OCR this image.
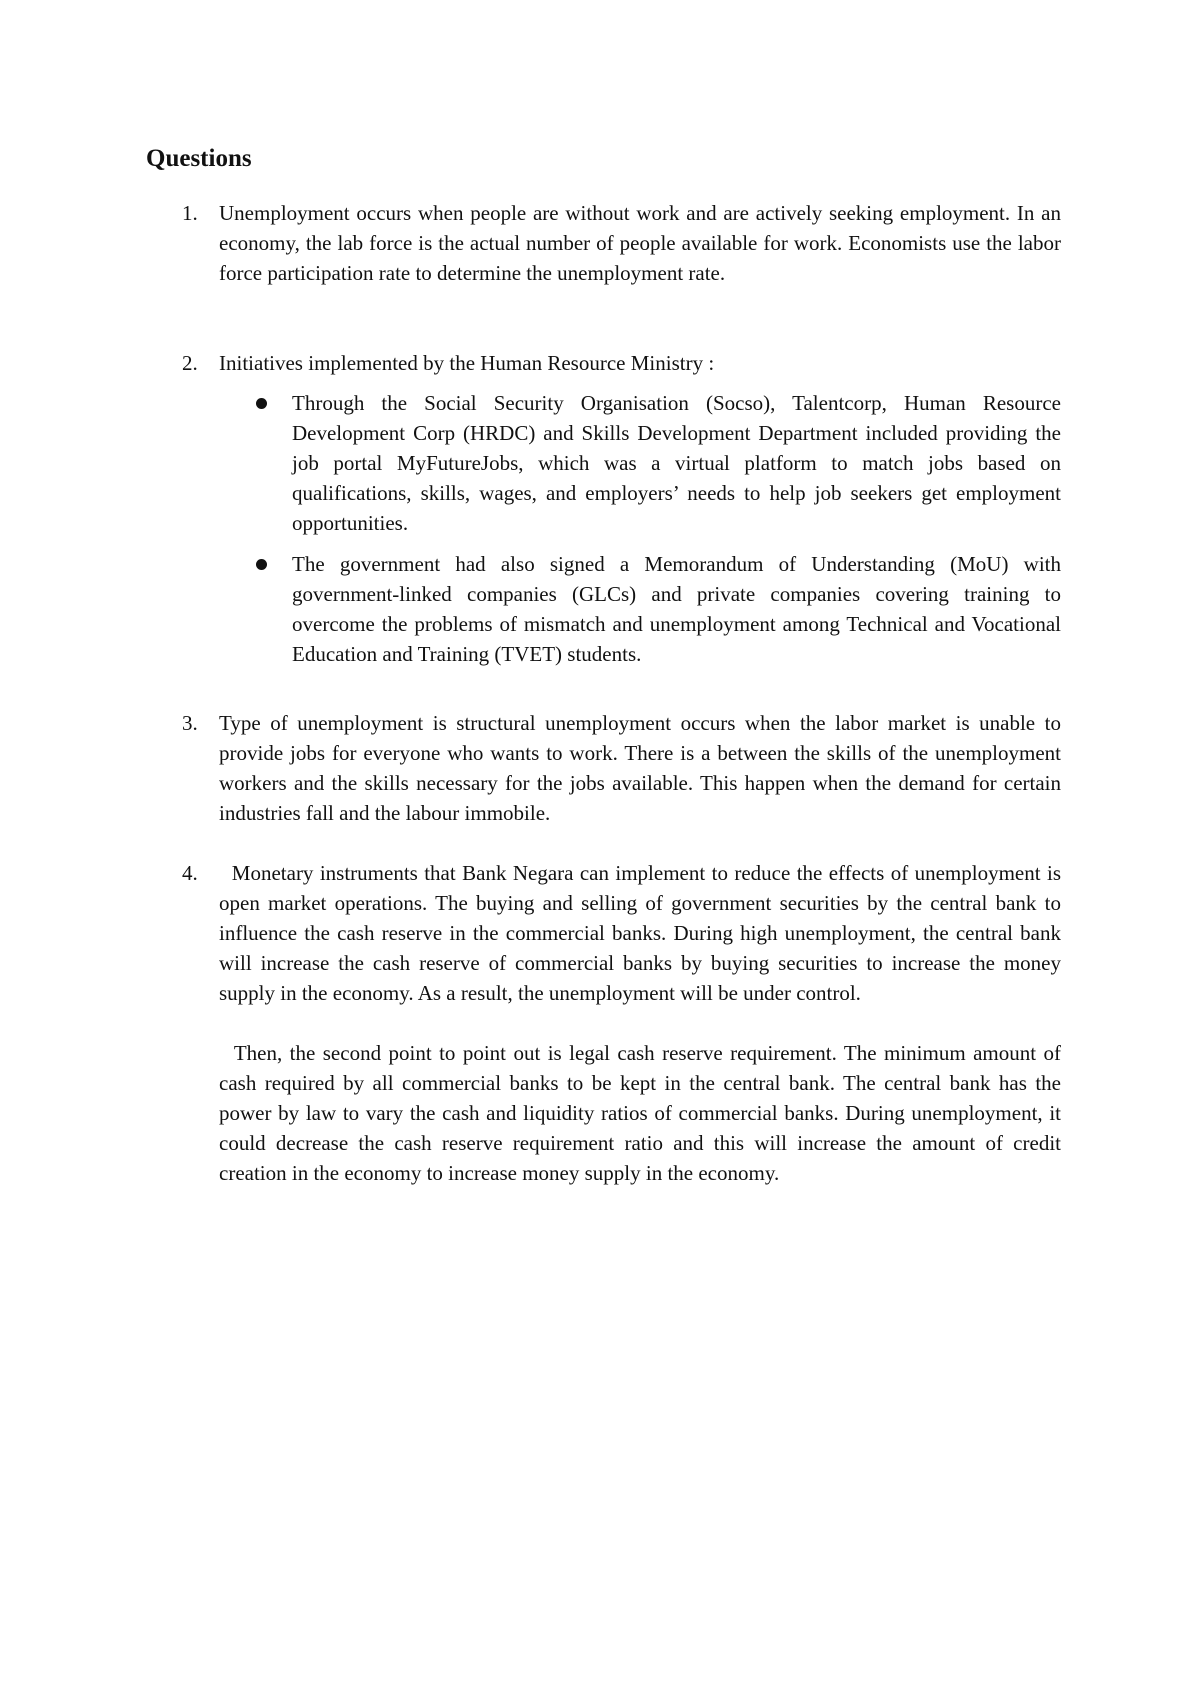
Questions
1. Unemployment occurs when people are without work and are actively seeking employment. In an economy, the lab force is the actual number of people available for work. Economists use the labor force participation rate to determine the unemployment rate.

2. Initiatives implemented by the Human Resource Ministry :

Through the Social Security Organisation (Socso), Talentcorp, Human Resource Development Corp (HRDC) and Skills Development Department included providing the job portal MyFutureJobs, which was a virtual platform to match jobs based on qualifications, skills, wages, and employers’ needs to help job seekers get employment opportunities.

The government had also signed a Memorandum of Understanding (MoU) with government-linked companies (GLCs) and private companies covering training to overcome the problems of mismatch and unemployment among Technical and Vocational Education and Training (TVET) students.

3. Type of unemployment is structural unemployment occurs when the labor market is unable to provide jobs for everyone who wants to work. There is a between the skills of the unemployment workers and the skills necessary for the jobs available. This happen when the demand for certain industries fall and the labour immobile.

4. Monetary instruments that Bank Negara can implement to reduce the effects of unemployment is open market operations. The buying and selling of government securities by the central bank to influence the cash reserve in the commercial banks. During high unemployment, the central bank will increase the cash reserve of commercial banks by buying securities to increase the money supply in the economy. As a result, the unemployment will be under control.

Then, the second point to point out is legal cash reserve requirement. The minimum amount of cash required by all commercial banks to be kept in the central bank. The central bank has the power by law to vary the cash and liquidity ratios of commercial banks. During unemployment, it could decrease the cash reserve requirement ratio and this will increase the amount of credit creation in the economy to increase money supply in the economy.
